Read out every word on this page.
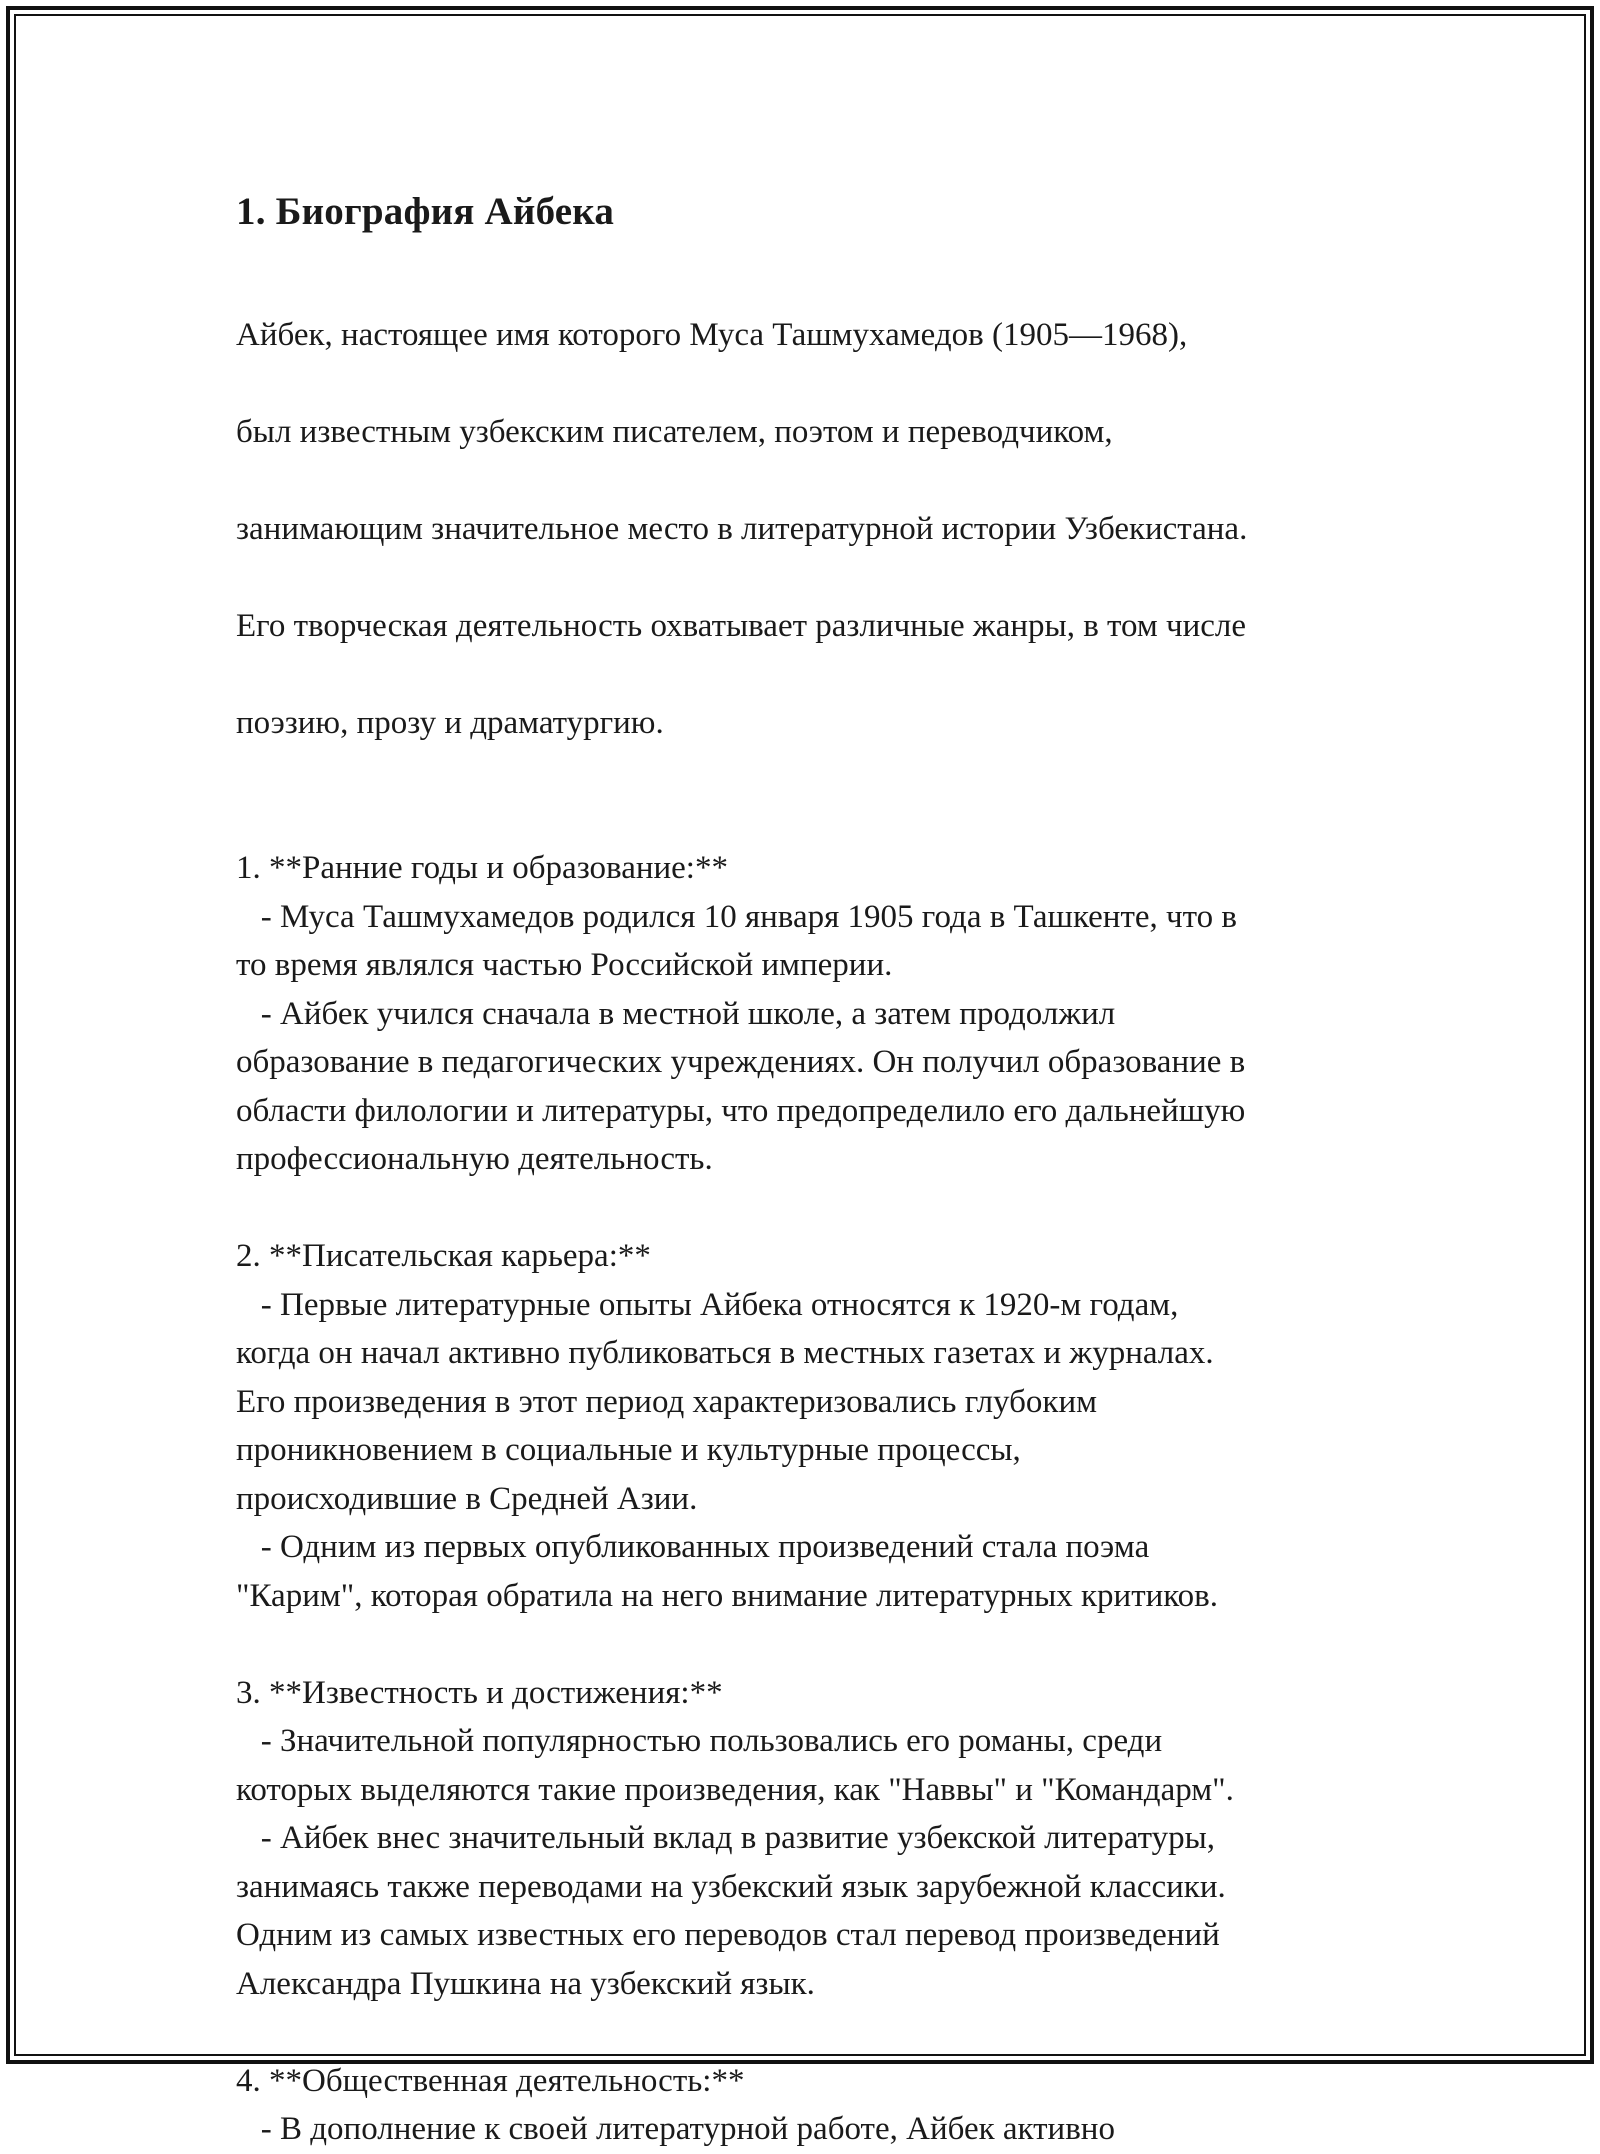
1. Биография Айбека

Айбек, настоящее имя которого Муса Ташмухамедов (1905—1968),

был известным узбекским писателем, поэтом и переводчиком,

занимающим значительное место в литературной истории Узбекистана.

Его творческая деятельность охватывает различные жанры, в том числе

поэзию, прозу и драматургию.

1. **Ранние годы и образование:**
- Муса Ташмухамедов родился 10 января 1905 года в Ташкенте, что в
то время являлся частью Российской империи.
- Айбек учился сначала в местной школе, а затем продолжил
образование в педагогических учреждениях. Он получил образование в
области филологии и литературы, что предопределило его дальнейшую
профессиональную деятельность.
2. **Писательская карьера:**
- Первые литературные опыты Айбека относятся к 1920-м годам,
когда он начал активно публиковаться в местных газетах и журналах.
Его произведения в этот период характеризовались глубоким
проникновением в социальные и культурные процессы,
происходившие в Средней Азии.
- Одним из первых опубликованных произведений стала поэма
"Карим", которая обратила на него внимание литературных критиков.
3. **Известность и достижения:**
- Значительной популярностью пользовались его романы, среди
которых выделяются такие произведения, как "Наввы" и "Командарм".
- Айбек внес значительный вклад в развитие узбекской литературы,
занимаясь также переводами на узбекский язык зарубежной классики.
Одним из самых известных его переводов стал перевод произведений
Александра Пушкина на узбекский язык.
4. **Общественная деятельность:**
- В дополнение к своей литературной работе, Айбек активно
